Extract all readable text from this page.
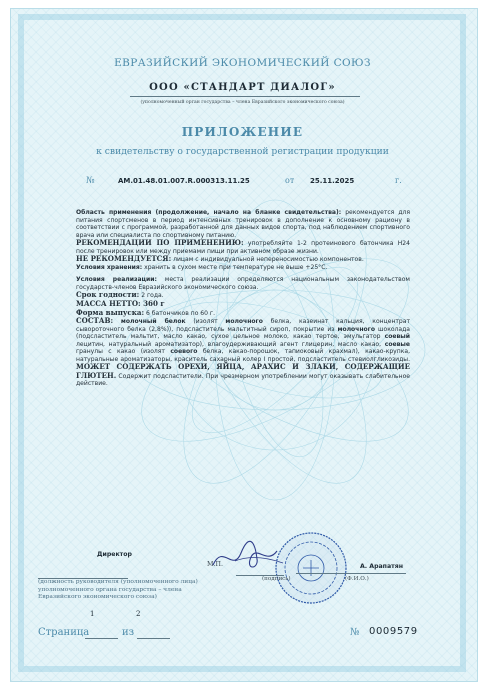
ЕВРАЗИЙСКИЙ ЭКОНОМИЧЕСКИЙ СОЮЗ
ООО «СТАНДАРТ ДИАЛОГ»
(уполномоченный орган государства – члена Евразийского экономического союза)
ПРИЛОЖЕНИЕ
к свидетельству о государственной регистрации продукции
№	AM.01.48.01.007.R.000313.11.25	от 25.11.2025	г.

Область применения (продолжение, начало на бланке свидетельства): рекомендуется для питания спортсменов в период интенсивных тренировок в дополнение к основному рациону в соответствии с программой, разработанной для данных видов спорта, под наблюдением спортивного врача или специалиста по спортивному питанию.

РЕКОМЕНДАЦИИ ПО ПРИМЕНЕНИЮ: употребляйте 1-2 протеинового батончика Н24 после тренировок или между приемами пищи при активном образе жизни.

НЕ РЕКОМЕНДУЕТСЯ: лицам с индивидуальной непереносимостью компонентов.

Условия хранения: хранить в сухом месте при температуре не выше +25°С.

Условия реализации: места реализации определяются национальным законодательством государств-членов Евразийского экономического союза.

Срок годности: 2 года.

МАССА НЕТТО: 360 г

Форма выпуска: 6 батончиков по 60 г.

СОСТАВ: молочный белок (изолят молочного белка, казеинат кальция, концентрат сывороточного белка (2,8%)), подсластитель мальтитный сироп, покрытие из молочного шоколада (подсластитель мальтит, масло какао, сухое цельное молоко, какао тертое, эмульгатор соевый лецитин, натуральный ароматизатор), влагоудерживающий агент глицерин, масло какао, соевые гранулы с какао (изолят соевого белка, какао-порошок, тапиоковый крахмал), какао-крупка, натуральные ароматизаторы, краситель сахарный колер I простой, подсластитель стевиолгликозиды. МОЖЕТ СОДЕРЖАТЬ ОРЕХИ, ЯЙЦА, АРАХИС И ЗЛАКИ, СОДЕРЖАЩИЕ ГЛЮТЕН. Содержит подсластители. При чрезмерном употреблении могут оказывать слабительное действие.

Директор
М.П.
(подпись)
А. Арапатян
(Ф.И.О.)
(должность руководителя (уполномоченного лица) уполномоченного органа государства – члена Евразийского экономического союза)
1	2
Страница	из	№ 0009579
